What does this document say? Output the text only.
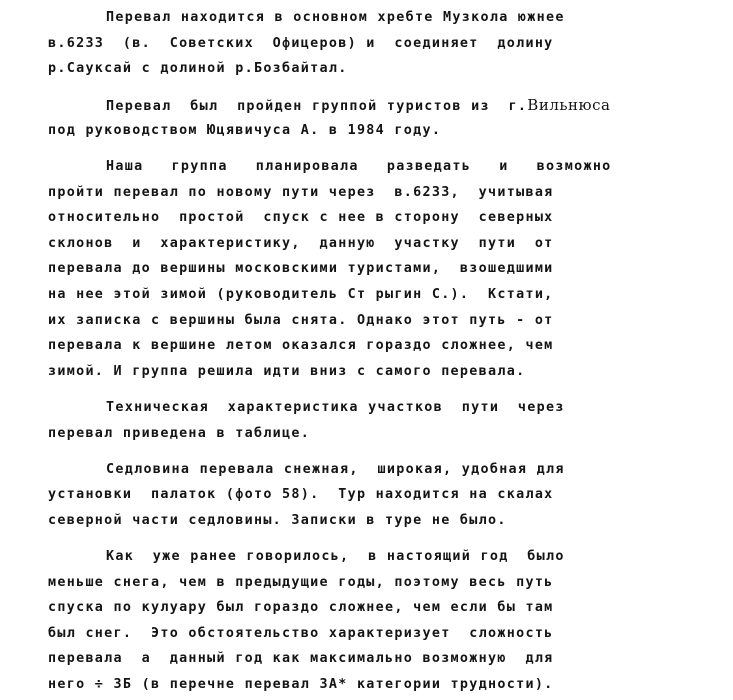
Перевал находится в основном хребте Музкола южнее
в.6233  (в.  Советских  Офицеров) и  соединяет  долину
р.Сауксай с долиной р.Бозбайтал.
Перевал  был  пройден группой туристов из  г.Вильнюса
под руководством Юцявичуса А. в 1984 году.
Наша   группа   планировала   разведать   и   возможно
пройти перевал по новому пути через  в.6233,  учитывая
относительно  простой  спуск с нее в сторону  северных
склонов  и  характеристику,  данную  участку  пути  от
перевала до вершины московскими туристами,  взошедшими
на нее этой зимой (руководитель Ст рыгин С.).  Кстати,
их записка с вершины была снята. Однако этот путь - от
перевала к вершине летом оказался гораздо сложнее, чем
зимой. И группа решила идти вниз с самого перевала.
Техническая  характеристика участков  пути  через
перевал приведена в таблице.
Седловина перевала снежная,  широкая, удобная для
установки  палаток (фото 58).  Тур находится на скалах
северной части седловины. Записки в туре не было.
Как  уже ранее говорилось,  в настоящий год  было
меньше снега, чем в предыдущие годы, поэтому весь путь
спуска по кулуару был гораздо сложнее, чем если бы там
был снег.  Это обстоятельство характеризует  сложность
перевала  а  данный год как максимально возможную  для
него ÷ 3Б (в перечне перевал 3А* категории трудности).
